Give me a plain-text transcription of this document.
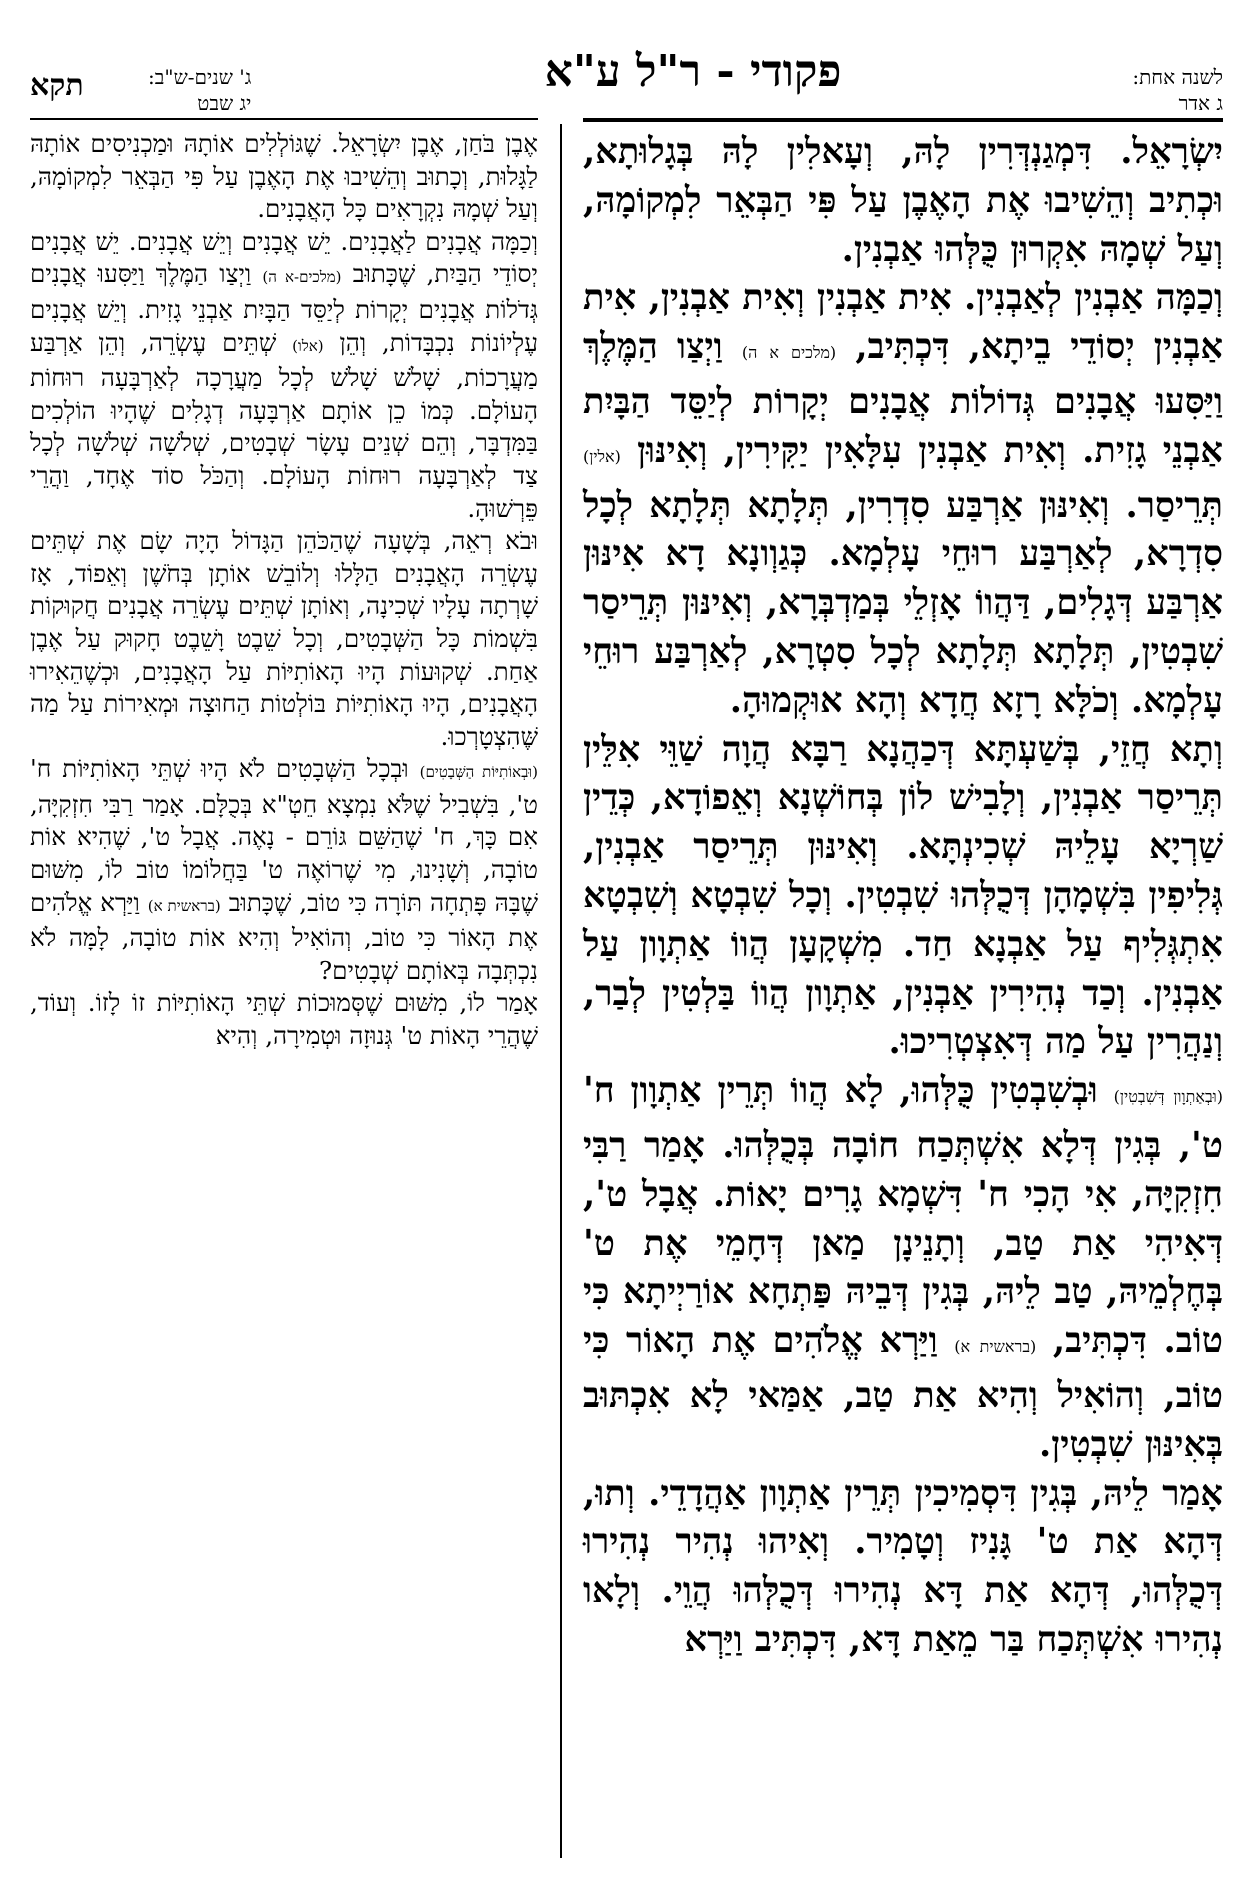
לשנה אחת:
ג אדר
פקודי - ר"ל ע"א
ג' שנים-ש"ב:
יג שבט
תקא

יִשְׂרָאֵל. דִּמְגַנְדְּרִין לָהּ, וְעָאלִין לָהּ בְּגָלוּתָא, וּכְתִיב וְהֵשִׁיבוּ אֶת הָאֶבֶן עַל פִּי הַבְּאֵר לִמְקוֹמָהּ, וְעַל שְׁמָהּ אִקְרוּן כֻּלְּהוּ אַבְנִין.

וְכַמָּה אַבְנִין לְאַבְנִין. אִית אַבְנִין וְאִית אַבְנִין, אִית אַבְנִין יְסוֹדֵי בֵיתָא, דִּכְתִּיב, (מלכים א ה) וַיְצַו הַמֶּלֶךְ וַיַּסִּעוּ אֲבָנִים גְּדוֹלוֹת אֲבָנִים יְקָרוֹת לְיַסֵּד הַבָּיִת אַבְנֵי גָזִית. וְאִית אַבְנִין עִלָּאִין יַקִּירִין, וְאִינּוּן (אלין) תְּרֵיסַר. וְאִינּוּן אַרְבַּע סִדְרִין, תְּלָתָא תְּלָתָא לְכָל סִדְרָא, לְאַרְבַּע רוּחֵי עָלְמָא. כְּגַוְונָא דָא אִינּוּן אַרְבַּע דְּגָלִים, דַּהֲווֹ אָזְלֵי בְּמַדְבְּרָא, וְאִינּוּן תְּרֵיסַר שִׁבְטִין, תְּלָתָא תְּלָתָא לְכָל סִטְרָא, לְאַרְבַּע רוּחֵי עָלְמָא. וְכֹלָּא רָזָא חֲדָא וְהָא אוּקְמוּהָ.

וְתָא חֲזֵי, בְּשַׁעְתָּא דְּכַהֲנָא רַבָּא הֲוָה שַׁוֵּי אִלֵּין תְּרֵיסַר אַבְנִין, וְלָבִישׁ לוֹן בְּחוֹשְׁנָא וְאֵפוֹדָא, כְּדֵין שַׁרְיָא עָלֵיהּ שְׁכִינְתָּא. וְאִינּוּן תְּרֵיסַר אַבְנִין, גְּלִיפִין בִּשְׁמָהָן דְּכֻלְּהוּ שִׁבְטִין. וְכָל שִׁבְטָא וְשִׁבְטָא אִתְגְּלִיף עַל אַבְנָא חַד. מִשְׁקָעָן הֲווֹ אַתְוָון עַל אַבְנִין. וְכַד נְהִירִין אַבְנִין, אַתְוָון הֲווֹ בַּלְטִין לְבַר, וְנַהֲרִין עַל מַה דְּאִצְטְרִיכוּ.

(וּבְאַתְוָון דְּשִׁבְטִין) וּבְשִׁבְטִין כֻּלְּהוּ, לָא הֲווֹ תְּרֵין אַתְוָון ח' ט', בְּגִין דְּלָא אִשְׁתְּכַח חוֹבָה בְּכֻלְּהוּ. אָמַר רַבִּי חִזְקִיָּה, אִי הָכִי ח' דִּשְׁמָא גָרִים יָאוֹת. אֲבָל ט', דְּאִיהִי אַת טַב, וְתָנֵינָן מַאן דְּחָמֵי אֶת ט' בְּחֶלְמֵיהּ, טַב לֵיהּ, בְּגִין דְּבֵיהּ פַּתְחָא אוֹרַיְיתָא כִּי טוֹב. דִּכְתִּיב, (בראשית א) וַיַּרְא אֱלֹהִים אֶת הָאוֹר כִּי טוֹב, וְהוֹאִיל וְהִיא אַת טַב, אַמַּאי לָא אִכְתּוּב בְּאִינּוּן שִׁבְטִין.

אָמַר לֵיהּ, בְּגִין דִּסְמִיכִין תְּרֵין אַתְוָון אַהֲדָדֵי. וְתוּ, דְּהָא אַת ט' גָּנִיז וְטָמִיר. וְאִיהוּ נְהִיר נְהִירוּ דְּכֻלְּהוּ, דְּהָא אַת דָּא נְהִירוּ דְּכֻלְּהוּ הֲוֵי. וְלָאו נְהִירוּ אִשְׁתְּכַח בַּר מֵאַת דָּא, דִּכְתִּיב וַיַּרְא

אֶבֶן בֹּחַן, אֶבֶן יִשְׂרָאֵל. שֶׁגּוֹלְלִים אוֹתָהּ וּמַכְנִיסִים אוֹתָהּ לַגָּלוּת, וְכָתוּב וְהֵשִׁיבוּ אֶת הָאֶבֶן עַל פִּי הַבְּאֵר לִמְקוֹמָהּ, וְעַל שְׁמָהּ נִקְרָאִים כָּל הָאֲבָנִים.

וְכַמָּה אֲבָנִים לַאֲבָנִים. יֵשׁ אֲבָנִים וְיֵשׁ אֲבָנִים. יֵשׁ אֲבָנִים יְסוֹדֵי הַבַּיִת, שֶׁכָּתוּב (מלכים-א ה) וַיְצַו הַמֶּלֶךְ וַיַּסִּעוּ אֲבָנִים גְּדֹלוֹת אֲבָנִים יְקָרוֹת לְיַסֵּד הַבָּיִת אַבְנֵי גָזִית. וְיֵשׁ אֲבָנִים עֶלְיוֹנוֹת נִכְבָּדוֹת, וְהֵן (אלו) שְׁתֵּים עֶשְׂרֵה, וְהֵן אַרְבַּע מַעֲרָכוֹת, שָׁלֹשׁ שָׁלֹשׁ לְכָל מַעֲרָכָה לְאַרְבָּעָה רוּחוֹת הָעוֹלָם. כְּמוֹ כֵן אוֹתָם אַרְבָּעָה דְגָלִים שֶׁהָיוּ הוֹלְכִים בַּמִּדְבָּר, וְהֵם שְׁנֵים עָשָׂר שְׁבָטִים, שְׁלֹשָׁה שְׁלֹשָׁה לְכָל צַד לְאַרְבָּעָה רוּחוֹת הָעוֹלָם. וְהַכֹּל סוֹד אֶחָד, וַהֲרֵי פֵּרְשׁוּהָ.

וּבֹא רְאֵה, בְּשָׁעָה שֶׁהַכֹּהֵן הַגָּדוֹל הָיָה שָׂם אֶת שְׁתֵּים עֶשְׂרֵה הָאֲבָנִים הַלָּלוּ וְלוֹבֵשׁ אוֹתָן בְּחֹשֶׁן וְאֵפוֹד, אָז שָׁרְתָה עָלָיו שְׁכִינָה, וְאוֹתָן שְׁתֵּים עֶשְׂרֵה אֲבָנִים חֲקוּקוֹת בִּשְׁמוֹת כָּל הַשְּׁבָטִים, וְכָל שֵׁבֶט וָשֵׁבֶט חָקוּק עַל אֶבֶן אַחַת. שְׁקוּעוֹת הָיוּ הָאוֹתִיּוֹת עַל הָאֲבָנִים, וּכְשֶׁהֵאִירוּ הָאֲבָנִים, הָיוּ הָאוֹתִיּוֹת בּוֹלְטוֹת הַחוּצָה וּמְאִירוֹת עַל מַה שֶּׁהִצְטָרְכוּ.

(וּבְאוֹתִיּוֹת הַשְּׁבָטִים) וּבְכָל הַשְּׁבָטִים לֹא הָיוּ שְׁתֵּי הָאוֹתִיּוֹת ח' ט', בִּשְׁבִיל שֶׁלֹּא נִמְצָא חֵטְ"א בְּכֻלָּם. אָמַר רַבִּי חִזְקִיָּה, אִם כָּךְ, ח' שֶׁהַשֵּׁם גּוֹרֵם - נָאֶה. אֲבָל ט', שֶׁהִיא אוֹת טוֹבָה, וְשָׁנִינוּ, מִי שֶׁרוֹאֶה ט' בַּחֲלוֹמוֹ טוֹב לוֹ, מִשּׁוּם שֶׁבָּהּ פָּתְחָה תּוֹרָה כִּי טוֹב, שֶׁכָּתוּב (בראשית א) וַיַּרְא אֱלֹהִים אֶת הָאוֹר כִּי טוֹב, וְהוֹאִיל וְהִיא אוֹת טוֹבָה, לָמָּה לֹא נִכְתְּבָה בְּאוֹתָם שְׁבָטִים?

אָמַר לוֹ, מִשּׁוּם שֶׁסְּמוּכוֹת שְׁתֵּי הָאוֹתִיּוֹת זוֹ לָזוֹ. וְעוֹד, שֶׁהֲרֵי הָאוֹת ט' גְּנוּזָה וּטְמִירָה, וְהִיא
